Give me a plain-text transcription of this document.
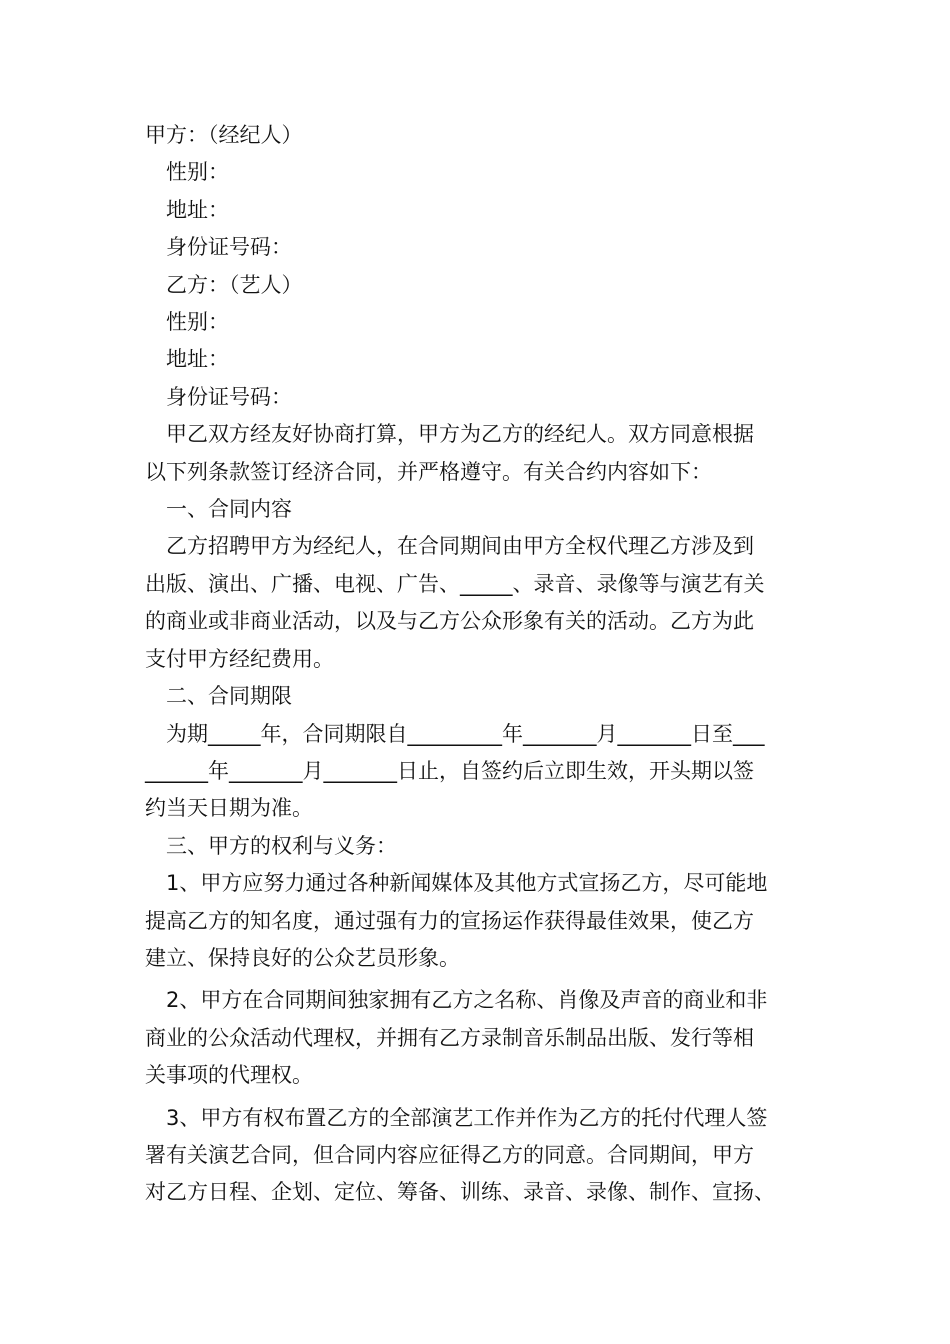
甲方：（经纪人）

性别：

地址：

身份证号码：

乙方：（艺人）

性别：

地址：

身份证号码：

甲乙双方经友好协商打算，甲方为乙方的经纪人。双方同意根据

以下列条款签订经济合同，并严格遵守。有关合约内容如下：

一、合同内容

乙方招聘甲方为经纪人，在合同期间由甲方全权代理乙方涉及到

出版、演出、广播、电视、广告、_____、录音、录像等与演艺有关

的商业或非商业活动，以及与乙方公众形象有关的活动。乙方为此

支付甲方经纪费用。

二、合同期限

为期_____年，合同期限自_________年_______月_______日至___

______年_______月_______日止，自签约后立即生效，开头期以签

约当天日期为准。

三、甲方的权利与义务：

1、甲方应努力通过各种新闻媒体及其他方式宣扬乙方，尽可能地

提高乙方的知名度，通过强有力的宣扬运作获得最佳效果，使乙方

建立、保持良好的公众艺员形象。

2、甲方在合同期间独家拥有乙方之名称、肖像及声音的商业和非

商业的公众活动代理权，并拥有乙方录制音乐制品出版、发行等相

关事项的代理权。

3、甲方有权布置乙方的全部演艺工作并作为乙方的托付代理人签

署有关演艺合同，但合同内容应征得乙方的同意。合同期间，甲方

对乙方日程、企划、定位、筹备、训练、录音、录像、制作、宣扬、
